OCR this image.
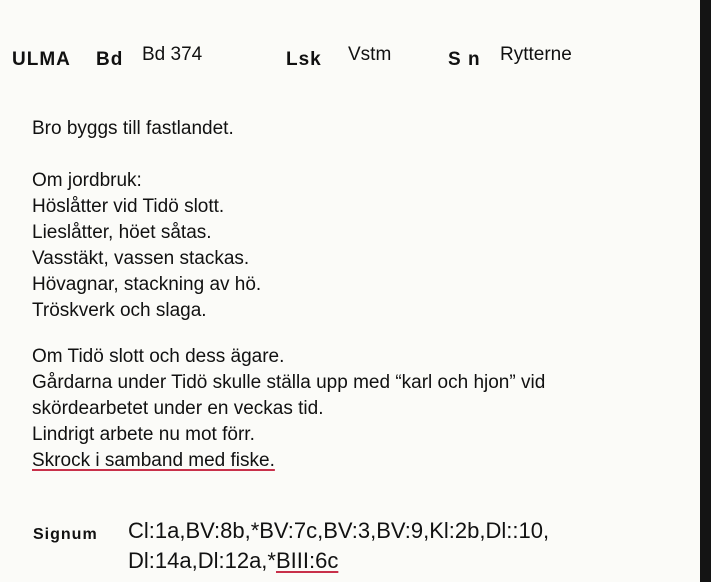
ULMA Bd Bd 374	Lsk Vstm	S n Rytterne
Bro byggs till fastlandet.
Om jordbruk:
Höslåtter vid Tidö slott.
Lieslåtter, höet såtas.
Vasstäkt, vassen stackas.
Hövagnar, stackning av hö.
Tröskverk och slaga.
Om Tidö slott och dess ägare.
Gårdarna under Tidö skulle ställa upp med “karl och hjon” vid
skördearbetet under en veckas tid.
Lindrigt arbete nu mot förr.
Skrock i samband med fiske.
Signum Cl:1a,BV:8b,*BV:7c,BV:3,BV:9,Kl:2b,Dl::10,
Dl:14a,Dl:12a,*BIII:6c
